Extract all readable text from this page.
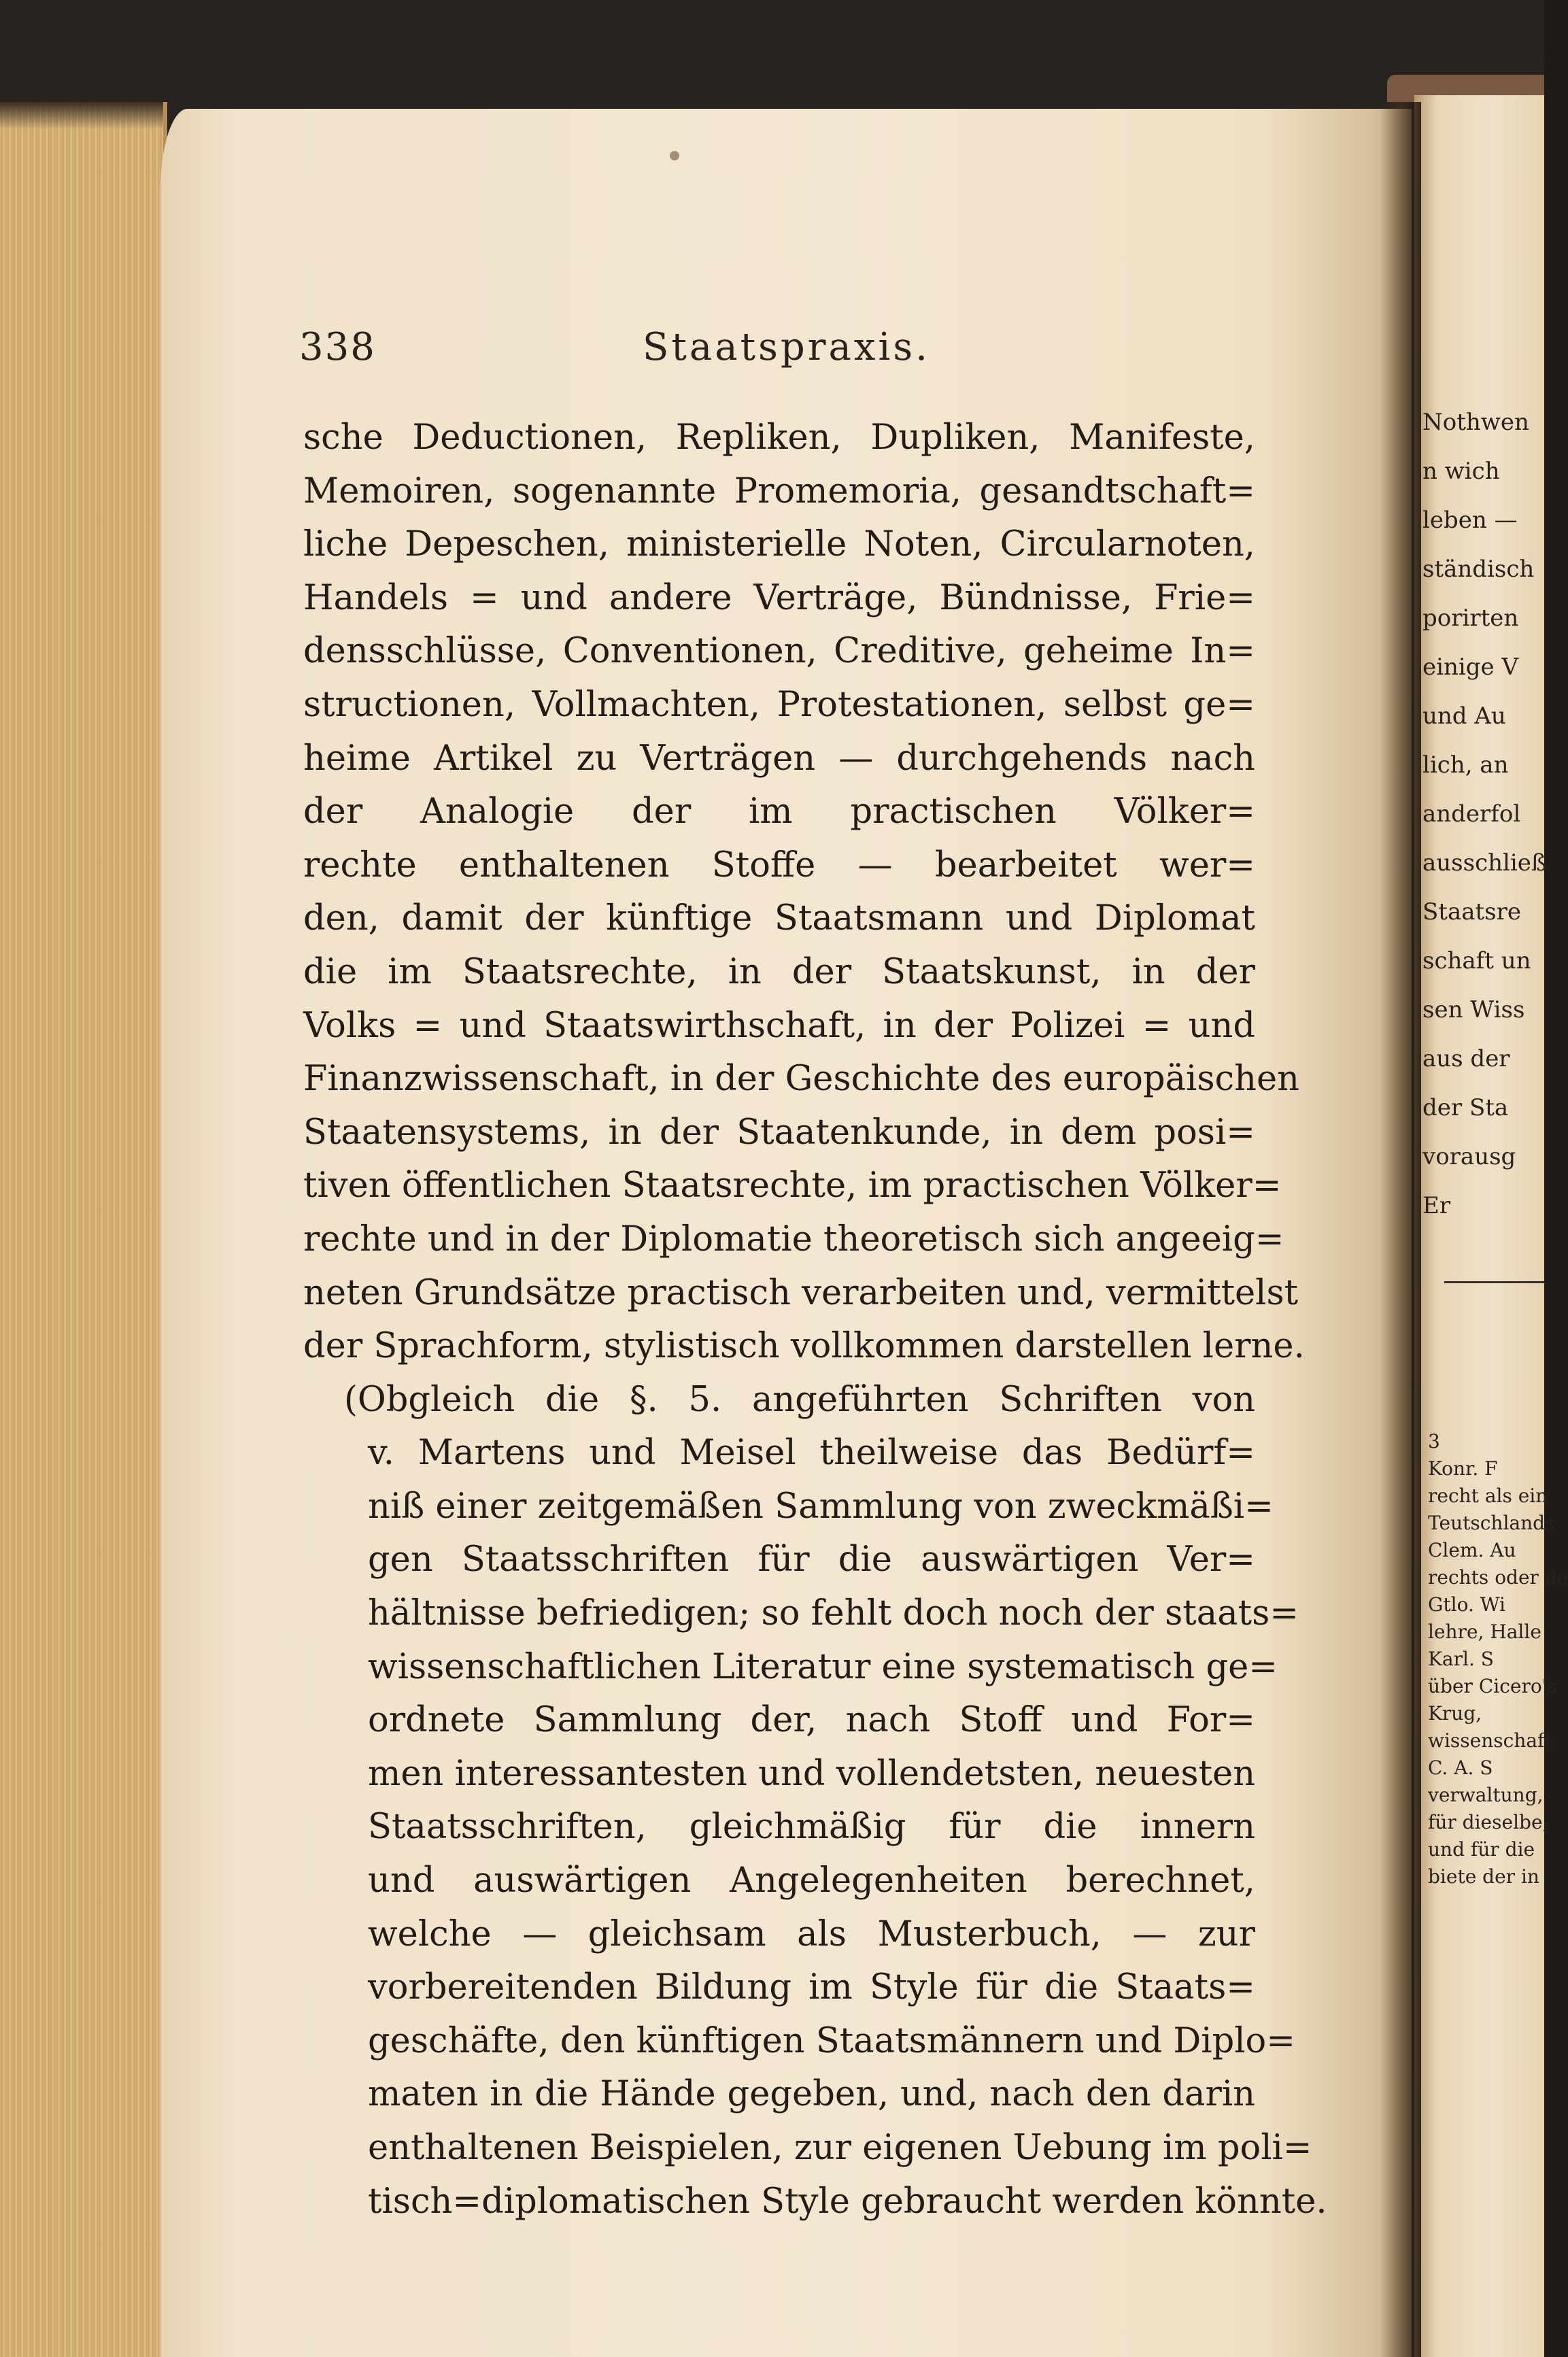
338	Staatspraxis.
sche Deductionen, Repliken, Dupliken, Manifeste,
Memoiren, sogenannte Promemoria, gesandtschaft=
liche Depeschen, ministerielle Noten, Circularnoten,
Handels = und andere Verträge, Bündnisse, Frie=
densschlüsse, Conventionen, Creditive, geheime In=
structionen, Vollmachten, Protestationen, selbst ge=
heime Artikel zu Verträgen — durchgehends nach
der Analogie der im practischen Völker=
rechte enthaltenen Stoffe — bearbeitet wer=
den, damit der künftige Staatsmann und Diplomat
die im Staatsrechte, in der Staatskunst, in der
Volks = und Staatswirthschaft, in der Polizei = und
Finanzwissenschaft, in der Geschichte des europäischen
Staatensystems, in der Staatenkunde, in dem posi=
tiven öffentlichen Staatsrechte, im practischen Völker=
rechte und in der Diplomatie theoretisch sich angeeig=
neten Grundsätze practisch verarbeiten und, vermittelst
der Sprachform, stylistisch vollkommen darstellen lerne.
(Obgleich die §. 5. angeführten Schriften von
v. Martens und Meisel theilweise das Bedürf=
niß einer zeitgemäßen Sammlung von zweckmäßi=
gen Staatsschriften für die auswärtigen Ver=
hältnisse befriedigen; so fehlt doch noch der staats=
wissenschaftlichen Literatur eine systematisch ge=
ordnete Sammlung der, nach Stoff und For=
men interessantesten und vollendetsten, neuesten
Staatsschriften, gleichmäßig für die innern
und auswärtigen Angelegenheiten berechnet,
welche — gleichsam als Musterbuch, — zur
vorbereitenden Bildung im Style für die Staats=
geschäfte, den künftigen Staatsmännern und Diplo=
maten in die Hände gegeben, und, nach den darin
enthaltenen Beispielen, zur eigenen Uebung im poli=
tisch=diplomatischen Style gebraucht werden könnte.
Nothwen
n wich
leben —
ständisch
porirten
einige V
und Au
lich, an
anderfol
ausschließ
Staatsre
schaft un
sen Wiss
aus der
der Sta
vorausg
Er
3
Konr. F
recht als ein
Teutschlands
Clem. Au
rechts oder de
Gtlo. Wi
lehre, Halle
Karl. S
über Cicero's
Krug,
wissenschaft
C. A. S
verwaltung,
für dieselbe,
und für die
biete der in
